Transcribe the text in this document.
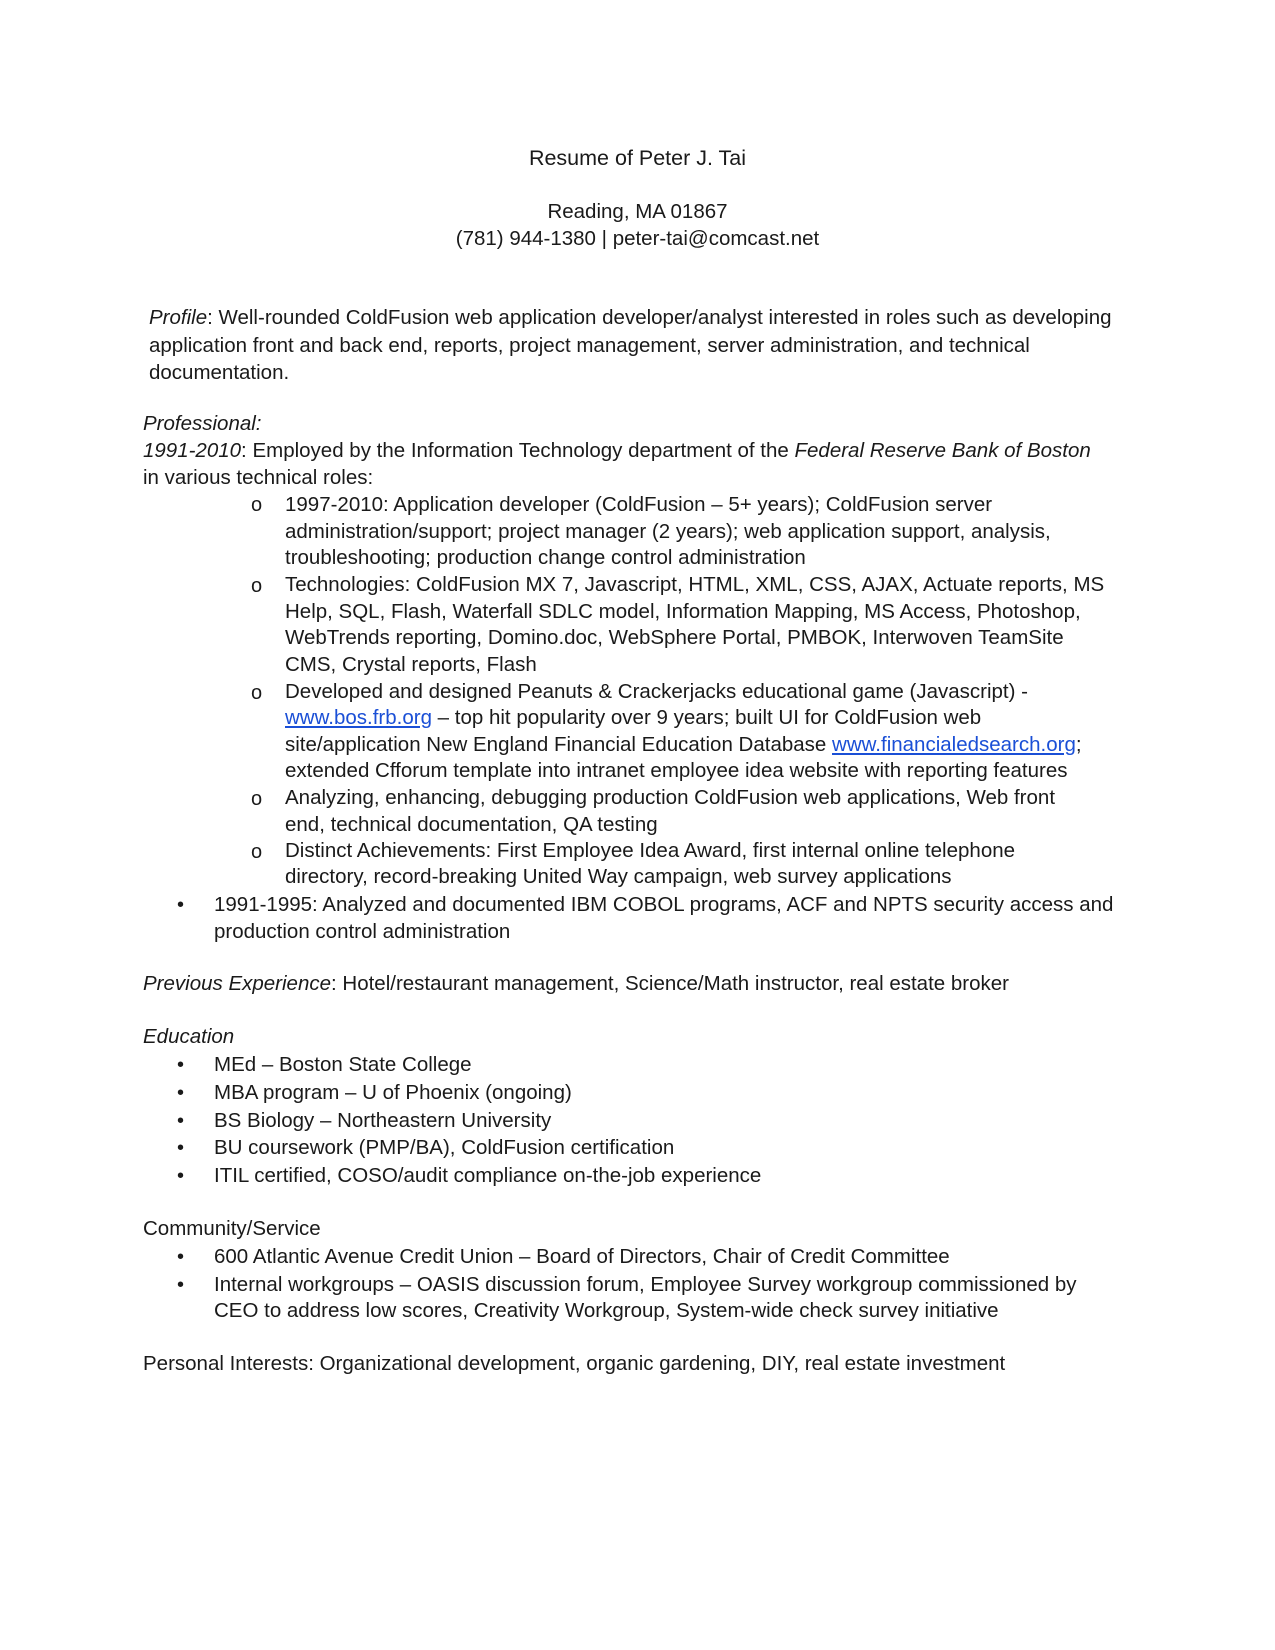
Resume of Peter J. Tai
Reading, MA 01867
(781) 944-1380 | peter-tai@comcast.net
Profile: Well-rounded ColdFusion web application developer/analyst interested in roles such as developing application front and back end, reports, project management, server administration, and technical documentation.
Professional:
1991-2010: Employed by the Information Technology department of the Federal Reserve Bank of Boston
in various technical roles:
o 1997-2010: Application developer (ColdFusion – 5+ years); ColdFusion server
administration/support; project manager (2 years); web application support, analysis,
troubleshooting; production change control administration
o Technologies: ColdFusion MX 7, Javascript, HTML, XML, CSS, AJAX, Actuate reports, MS
Help, SQL, Flash, Waterfall SDLC model, Information Mapping, MS Access, Photoshop,
WebTrends reporting, Domino.doc, WebSphere Portal, PMBOK, Interwoven TeamSite
CMS, Crystal reports, Flash
o Developed and designed Peanuts & Crackerjacks educational game (Javascript) -
www.bos.frb.org – top hit popularity over 9 years; built UI for ColdFusion web
site/application New England Financial Education Database www.financialedsearch.org;
extended Cfforum template into intranet employee idea website with reporting features
o Analyzing, enhancing, debugging production ColdFusion web applications, Web front
end, technical documentation, QA testing
o Distinct Achievements: First Employee Idea Award, first internal online telephone
directory, record-breaking United Way campaign, web survey applications
• 1991-1995: Analyzed and documented IBM COBOL programs, ACF and NPTS security access and
production control administration
Previous Experience: Hotel/restaurant management, Science/Math instructor, real estate broker
Education
• MEd – Boston State College
• MBA program – U of Phoenix (ongoing)
• BS Biology – Northeastern University
• BU coursework (PMP/BA), ColdFusion certification
• ITIL certified, COSO/audit compliance on-the-job experience
Community/Service
• 600 Atlantic Avenue Credit Union – Board of Directors, Chair of Credit Committee
• Internal workgroups – OASIS discussion forum, Employee Survey workgroup commissioned by
CEO to address low scores, Creativity Workgroup, System-wide check survey initiative
Personal Interests: Organizational development, organic gardening, DIY, real estate investment
